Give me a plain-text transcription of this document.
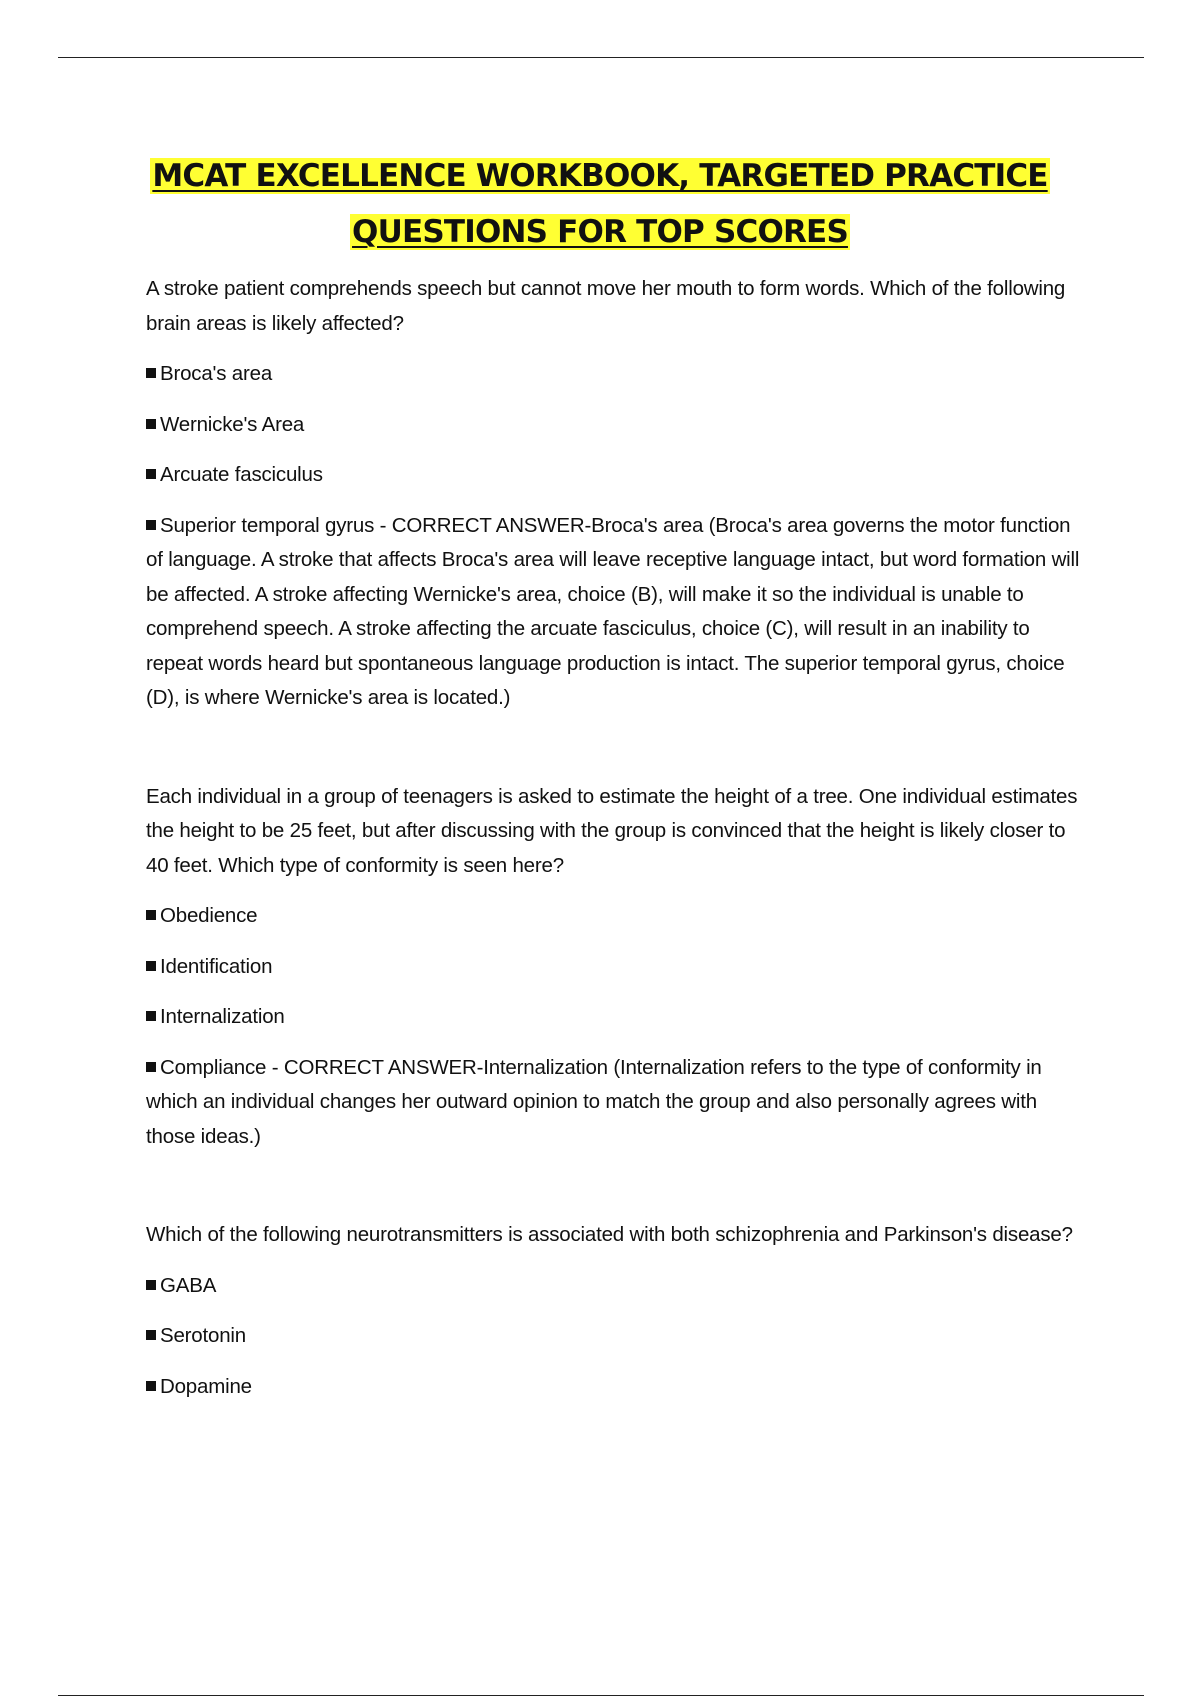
MCAT EXCELLENCE WORKBOOK, TARGETED PRACTICE
QUESTIONS FOR TOP SCORES

A stroke patient comprehends speech but cannot move her mouth to form words. Which of the following brain areas is likely affected?

Broca's area

Wernicke's Area

Arcuate fasciculus

Superior temporal gyrus - CORRECT ANSWER-Broca's area (Broca's area governs the motor function of language. A stroke that affects Broca's area will leave receptive language intact, but word formation will be affected. A stroke affecting Wernicke's area, choice (B), will make it so the individual is unable to comprehend speech. A stroke affecting the arcuate fasciculus, choice (C), will result in an inability to repeat words heard but spontaneous language production is intact. The superior temporal gyrus, choice (D), is where Wernicke's area is located.)

Each individual in a group of teenagers is asked to estimate the height of a tree. One individual estimates the height to be 25 feet, but after discussing with the group is convinced that the height is likely closer to 40 feet. Which type of conformity is seen here?

Obedience

Identification

Internalization

Compliance - CORRECT ANSWER-Internalization (Internalization refers to the type of conformity in which an individual changes her outward opinion to match the group and also personally agrees with those ideas.)

Which of the following neurotransmitters is associated with both schizophrenia and Parkinson's disease?

GABA

Serotonin

Dopamine
